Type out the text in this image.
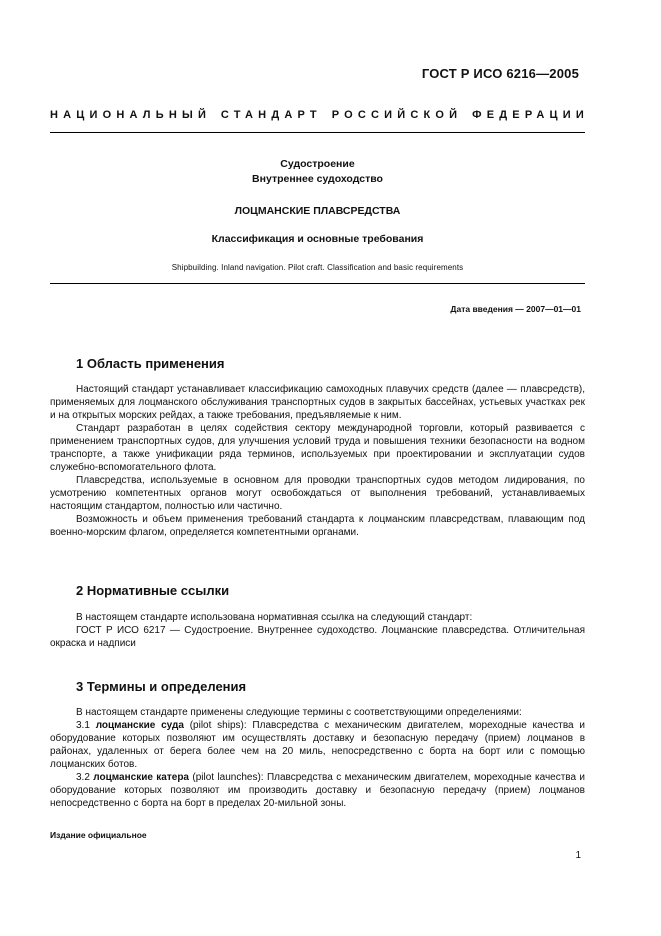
ГОСТ Р ИСО 6216—2005
НАЦИОНАЛЬНЫЙ СТАНДАРТ РОССИЙСКОЙ ФЕДЕРАЦИИ
Судостроение
Внутреннее судоходство
ЛОЦМАНСКИЕ ПЛАВСРЕДСТВА
Классификация и основные требования
Shipbuilding. Inland navigation. Pilot craft. Classification and basic requirements
Дата введения — 2007—01—01
1 Область применения

Настоящий стандарт устанавливает классификацию самоходных плавучих средств (далее — плавсредств), применяемых для лоцманского обслуживания транспортных судов в закрытых бассейнах, устьевых участках рек и на открытых морских рейдах, а также требования, предъявляемые к ним.

Стандарт разработан в целях содействия сектору международной торговли, который развивается с применением транспортных судов, для улучшения условий труда и повышения техники безопасности на водном транспорте, а также унификации ряда терминов, используемых при проектировании и эксплуатации судов служебно-вспомогательного флота.

Плавсредства, используемые в основном для проводки транспортных судов методом лидирования, по усмотрению компетентных органов могут освобождаться от выполнения требований, устанавливаемых настоящим стандартом, полностью или частично.

Возможность и объем применения требований стандарта к лоцманским плавсредствам, плавающим под военно-морским флагом, определяется компетентными органами.

2 Нормативные ссылки

В настоящем стандарте использована нормативная ссылка на следующий стандарт:

ГОСТ Р ИСО 6217 — Судостроение. Внутреннее судоходство. Лоцманские плавсредства. Отличительная окраска и надписи

3 Термины и определения

В настоящем стандарте применены следующие термины с соответствующими определениями:

3.1 лоцманские суда (pilot ships): Плавсредства с механическим двигателем, мореходные качества и оборудование которых позволяют им осуществлять доставку и безопасную передачу (прием) лоцманов в районах, удаленных от берега более чем на 20 миль, непосредственно с борта на борт или с помощью лоцманских ботов.

3.2 лоцманские катера (pilot launches): Плавсредства с механическим двигателем, мореходные качества и оборудование которых позволяют им производить доставку и безопасную передачу (прием) лоцманов непосредственно с борта на борт в пределах 20-мильной зоны.

Издание официальное
1
